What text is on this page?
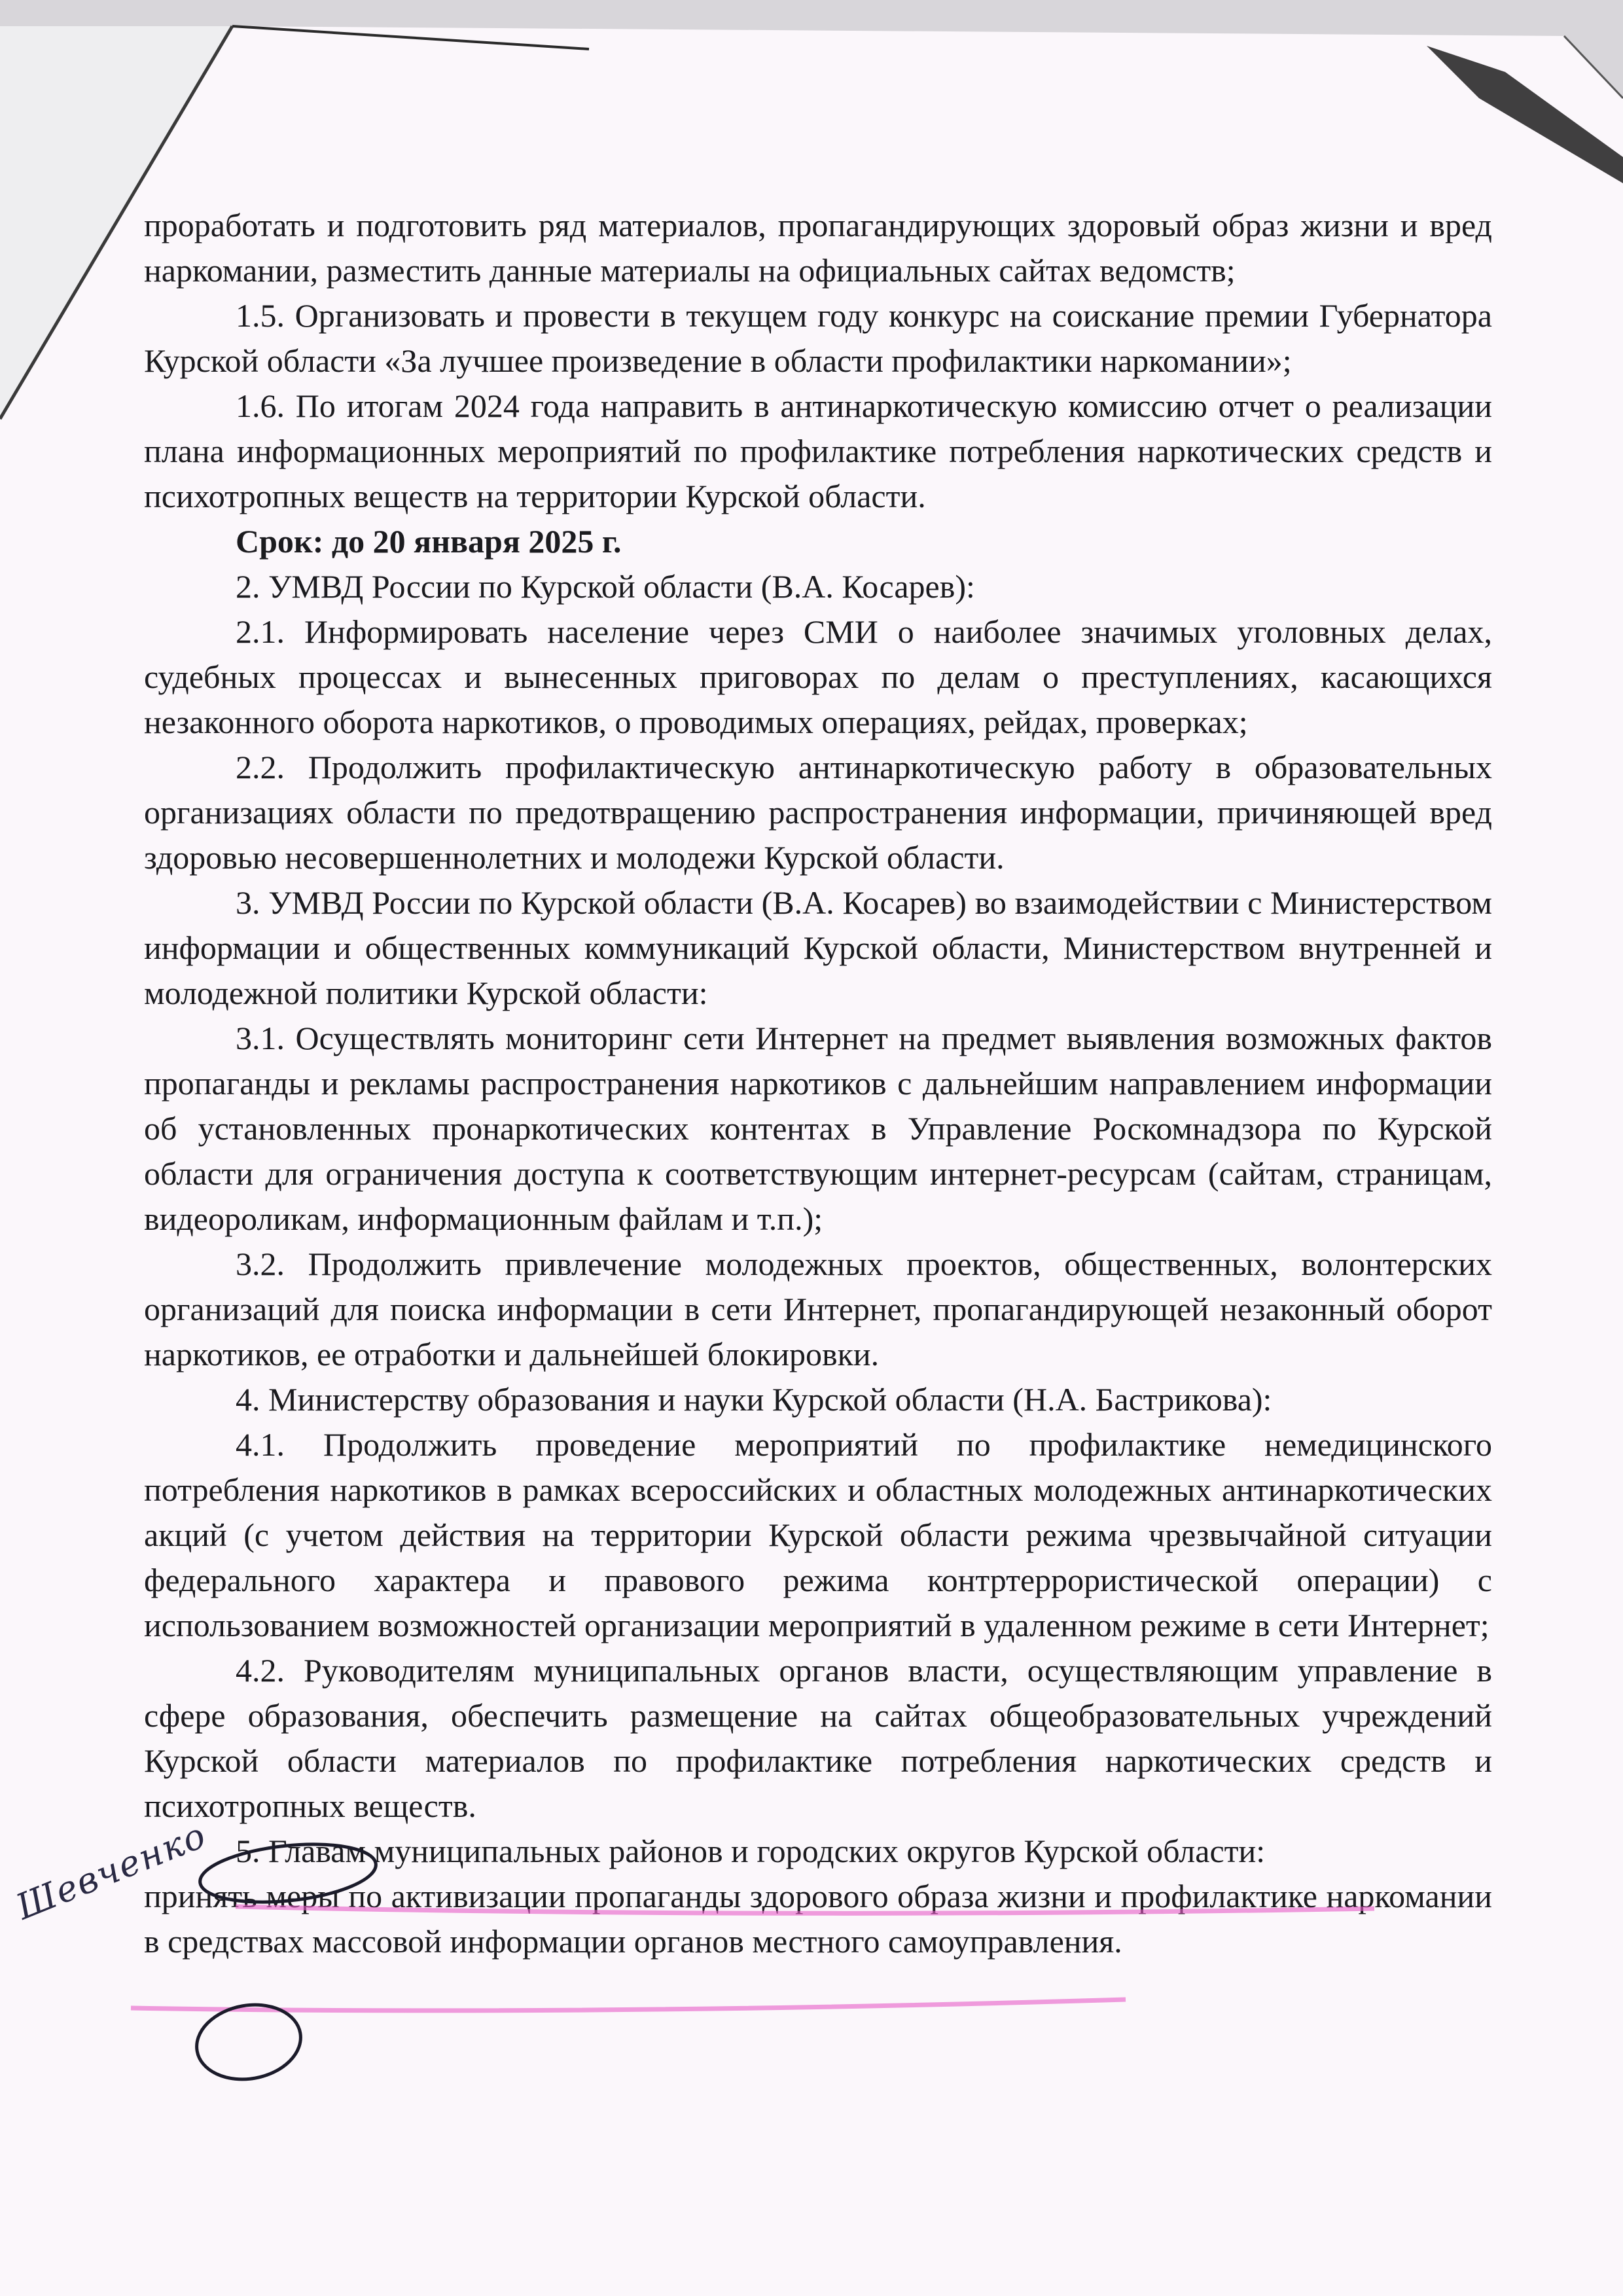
проработать и подготовить ряд материалов, пропагандирующих здоровый образ жизни и вред наркомании, разместить данные материалы на официальных сайтах ведомств;

1.5. Организовать и провести в текущем году конкурс на соискание премии Губернатора Курской области «За лучшее произведение в области профилактики наркомании»;

1.6. По итогам 2024 года направить в антинаркотическую комиссию отчет о реализации плана информационных мероприятий по профилактике потребления наркотических средств и психотропных веществ на территории Курской области.

Срок: до 20 января 2025 г.

2. УМВД России по Курской области (В.А. Косарев):

2.1. Информировать население через СМИ о наиболее значимых уголовных делах, судебных процессах и вынесенных приговорах по делам о преступлениях, касающихся незаконного оборота наркотиков, о проводимых операциях, рейдах, проверках;

2.2. Продолжить профилактическую антинаркотическую работу в образовательных организациях области по предотвращению распространения информации, причиняющей вред здоровью несовершеннолетних и молодежи Курской области.

3. УМВД России по Курской области (В.А. Косарев) во взаимодействии с Министерством информации и общественных коммуникаций Курской области, Министерством внутренней и молодежной политики Курской области:

3.1. Осуществлять мониторинг сети Интернет на предмет выявления возможных фактов пропаганды и рекламы распространения наркотиков с дальнейшим направлением информации об установленных пронаркотических контентах в Управление Роскомнадзора по Курской области для ограничения доступа к соответствующим интернет-ресурсам (сайтам, страницам, видеороликам, информационным файлам и т.п.);

3.2. Продолжить привлечение молодежных проектов, общественных, волонтерских организаций для поиска информации в сети Интернет, пропагандирующей незаконный оборот наркотиков, ее отработки и дальнейшей блокировки.

4. Министерству образования и науки Курской области (Н.А. Бастрикова):

4.1. Продолжить проведение мероприятий по профилактике немедицинского потребления наркотиков в рамках всероссийских и областных молодежных антинаркотических акций (с учетом действия на территории Курской области режима чрезвычайной ситуации федерального характера и правового режима контртеррористической операции) с использованием возможностей организации мероприятий в удаленном режиме в сети Интернет;

4.2. Руководителям муниципальных органов власти, осуществляющим управление в сфере образования, обеспечить размещение на сайтах общеобразовательных учреждений Курской области материалов по профилактике потребления наркотических средств и психотропных веществ.

5. Главам муниципальных районов и городских округов Курской области:

принять меры по активизации пропаганды здорового образа жизни и профилактике наркомании в средствах массовой информации органов местного самоуправления.

Шевченко
